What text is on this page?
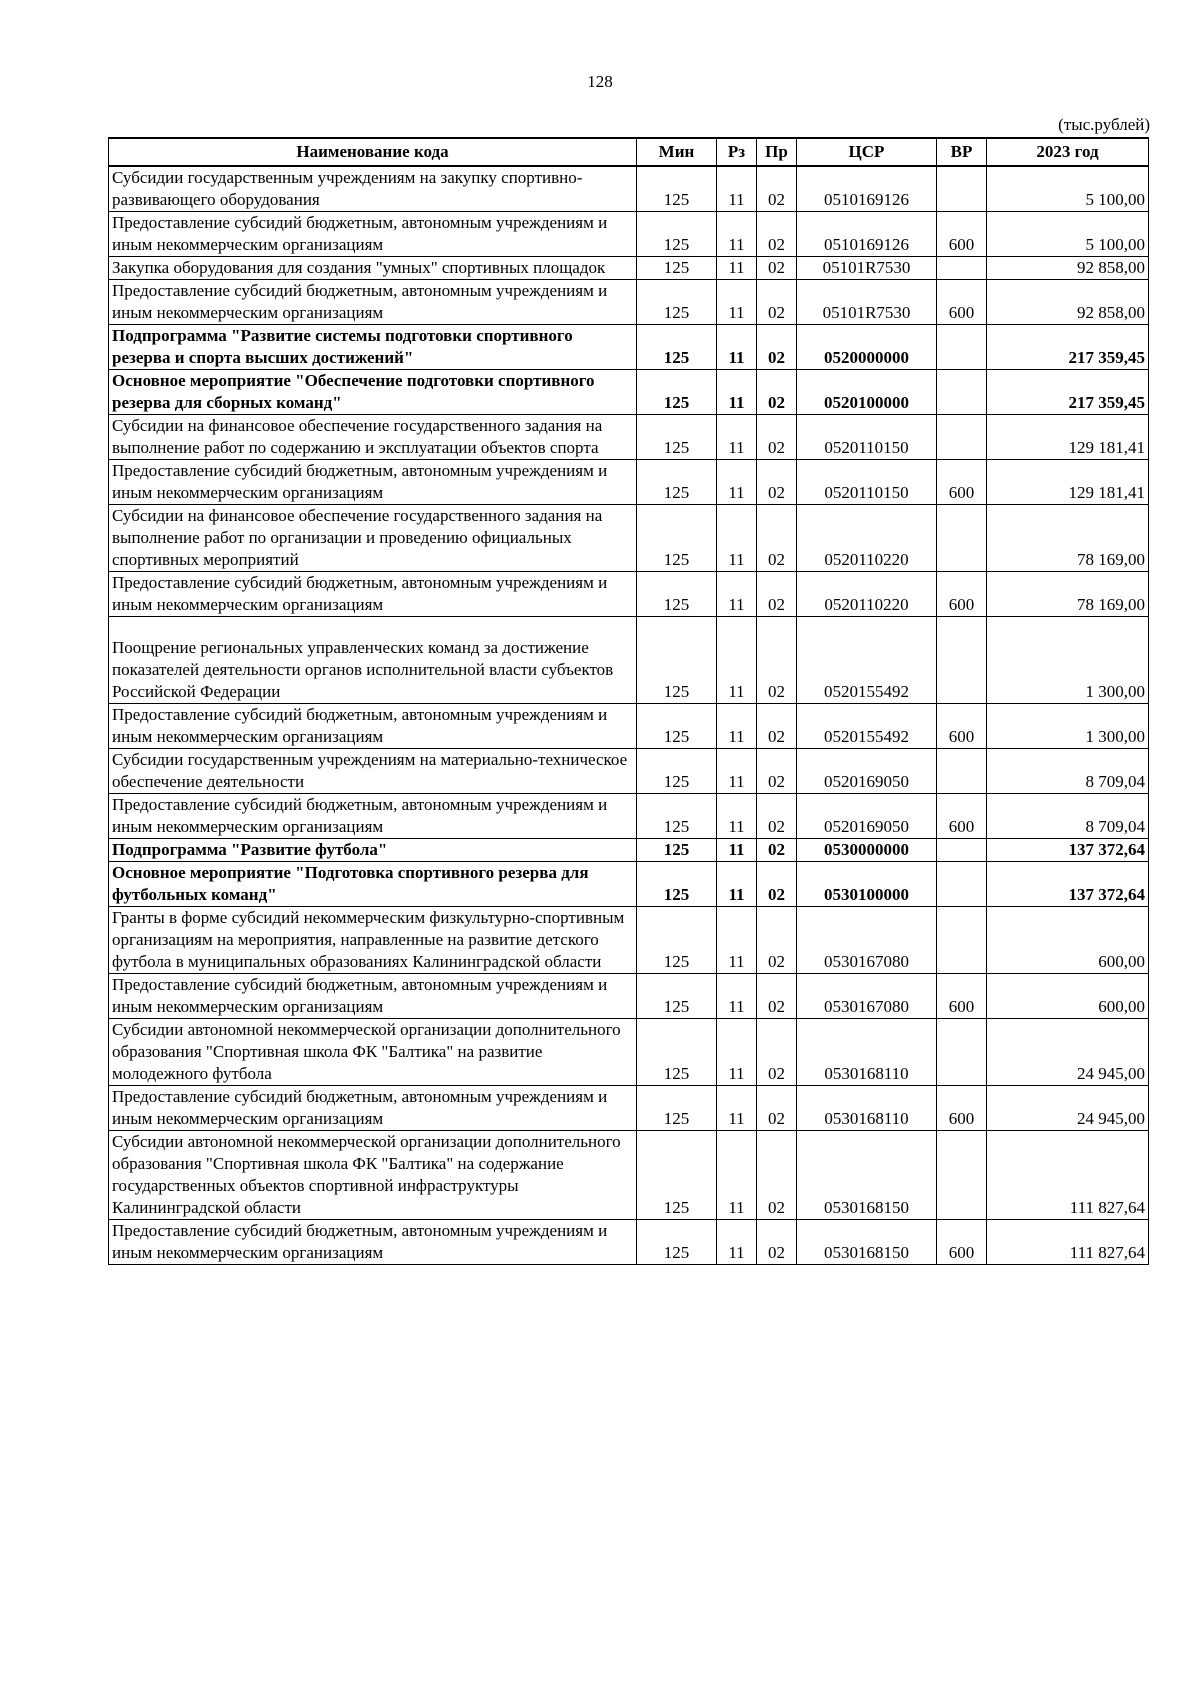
128
(тыс.рублей)
Наименование кода	Мин	Рз	Пр	ЦСР	ВР	2023 год
Субсидии государственным учреждениям на закупку спортивно-развивающего оборудования	125	11	02	0510169126		5 100,00
Предоставление субсидий бюджетным, автономным учреждениям и иным некоммерческим организациям	125	11	02	0510169126	600	5 100,00
Закупка оборудования для создания "умных" спортивных площадок	125	11	02	05101R7530		92 858,00
Предоставление субсидий бюджетным, автономным учреждениям и иным некоммерческим организациям	125	11	02	05101R7530	600	92 858,00
Подпрограмма "Развитие системы подготовки спортивного резерва и спорта высших достижений"	125	11	02	0520000000		217 359,45
Основное мероприятие "Обеспечение подготовки спортивного резерва для сборных команд"	125	11	02	0520100000		217 359,45
Субсидии на финансовое обеспечение государственного задания на выполнение работ по содержанию и эксплуатации объектов спорта	125	11	02	0520110150		129 181,41
Предоставление субсидий бюджетным, автономным учреждениям и иным некоммерческим организациям	125	11	02	0520110150	600	129 181,41
Субсидии на финансовое обеспечение государственного задания на выполнение работ по организации и проведению официальных спортивных мероприятий	125	11	02	0520110220		78 169,00
Предоставление субсидий бюджетным, автономным учреждениям и иным некоммерческим организациям	125	11	02	0520110220	600	78 169,00
Поощрение региональных управленческих команд за достижение показателей деятельности органов исполнительной власти субъектов Российской Федерации	125	11	02	0520155492		1 300,00
Предоставление субсидий бюджетным, автономным учреждениям и иным некоммерческим организациям	125	11	02	0520155492	600	1 300,00
Субсидии государственным учреждениям на материально-техническое обеспечение деятельности	125	11	02	0520169050		8 709,04
Предоставление субсидий бюджетным, автономным учреждениям и иным некоммерческим организациям	125	11	02	0520169050	600	8 709,04
Подпрограмма "Развитие футбола"	125	11	02	0530000000		137 372,64
Основное мероприятие "Подготовка спортивного резерва для футбольных команд"	125	11	02	0530100000		137 372,64
Гранты в форме субсидий некоммерческим физкультурно-спортивным организациям на мероприятия, направленные на развитие детского футбола в муниципальных образованиях Калининградской области	125	11	02	0530167080		600,00
Предоставление субсидий бюджетным, автономным учреждениям и иным некоммерческим организациям	125	11	02	0530167080	600	600,00
Субсидии автономной некоммерческой организации дополнительного образования "Спортивная школа ФК "Балтика" на развитие молодежного футбола	125	11	02	0530168110		24 945,00
Предоставление субсидий бюджетным, автономным учреждениям и иным некоммерческим организациям	125	11	02	0530168110	600	24 945,00
Субсидии автономной некоммерческой организации дополнительного образования "Спортивная школа ФК "Балтика" на содержание государственных объектов спортивной инфраструктуры Калининградской области	125	11	02	0530168150		111 827,64
Предоставление субсидий бюджетным, автономным учреждениям и иным некоммерческим организациям	125	11	02	0530168150	600	111 827,64
